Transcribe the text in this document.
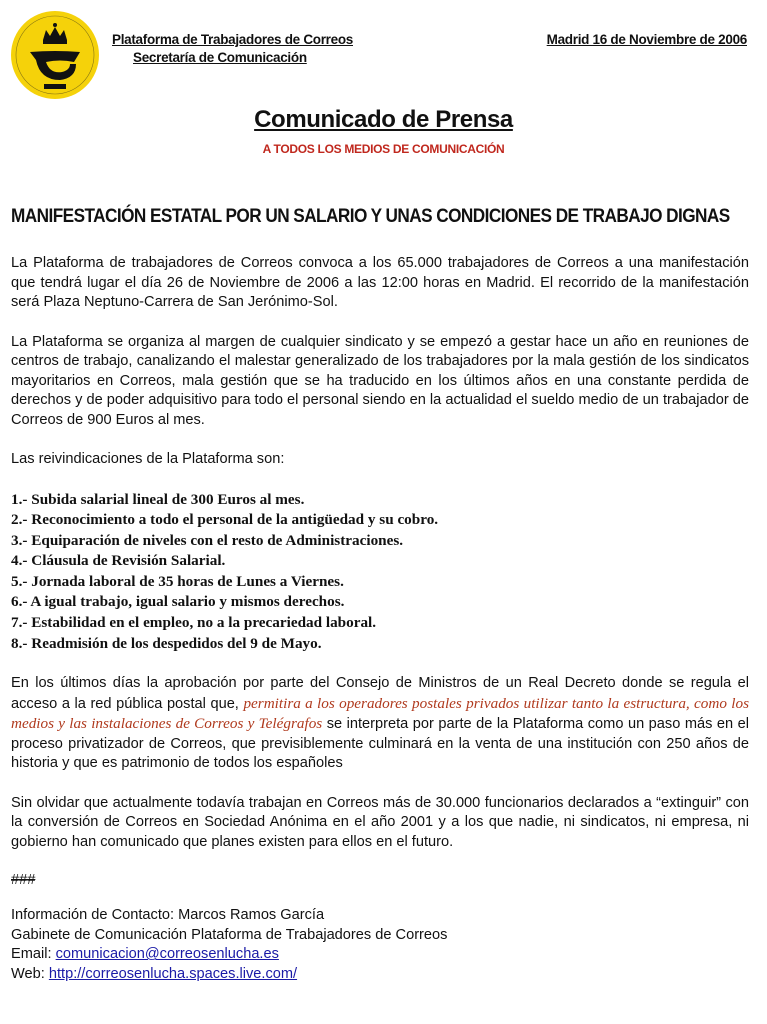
Plataforma de Trabajadores de Correos
Secretaría de Comunicación
Madrid 16 de Noviembre de 2006
Comunicado de Prensa
A TODOS LOS MEDIOS DE COMUNICACIÓN
MANIFESTACIÓN ESTATAL POR UN SALARIO Y UNAS CONDICIONES DE TRABAJO DIGNAS

La Plataforma de trabajadores de Correos convoca a los 65.000 trabajadores de Correos a una manifestación que tendrá lugar el día 26 de Noviembre de 2006 a las 12:00 horas en Madrid. El recorrido de la manifestación será Plaza Neptuno-Carrera de San Jerónimo-Sol.

La Plataforma se organiza al margen de cualquier sindicato y se empezó a gestar hace un año en reuniones de centros de trabajo, canalizando el malestar generalizado de los trabajadores por la mala gestión de los sindicatos mayoritarios en Correos, mala gestión que se ha traducido en los últimos años en una constante perdida de derechos y de poder adquisitivo para todo el personal siendo en la actualidad el sueldo medio de un trabajador de Correos de 900 Euros al mes.

Las reivindicaciones de la Plataforma son:

1.- Subida salarial lineal de 300 Euros al mes.
2.- Reconocimiento a todo el personal de la antigüedad y su cobro.
3.- Equiparación de niveles con el resto de Administraciones.
4.- Cláusula de Revisión Salarial.
5.- Jornada laboral de 35 horas de Lunes a Viernes.
6.- A igual trabajo, igual salario y mismos derechos.
7.- Estabilidad en el empleo, no a la precariedad laboral.
8.- Readmisión de los despedidos del 9 de Mayo.

En los últimos días la aprobación por parte del Consejo de Ministros de un Real Decreto donde se regula el acceso a la red pública postal que, permitira a los operadores postales privados utilizar tanto la estructura, como los medios y las instalaciones de Correos y Telégrafos se interpreta por parte de la Plataforma como un paso más en el proceso privatizador de Correos, que previsiblemente culminará en la venta de una institución con 250 años de historia y que es patrimonio de todos los españoles

Sin olvidar que actualmente todavía trabajan en Correos más de 30.000 funcionarios declarados a “extinguir” con la conversión de Correos en Sociedad Anónima en el año 2001 y a los que nadie, ni sindicatos, ni empresa, ni gobierno han comunicado que planes existen para ellos en el futuro.

###

Información de Contacto: Marcos Ramos García

Gabinete de Comunicación Plataforma de Trabajadores de Correos

Email: comunicacion@correosenlucha.es

Web: http://correosenlucha.spaces.live.com/
